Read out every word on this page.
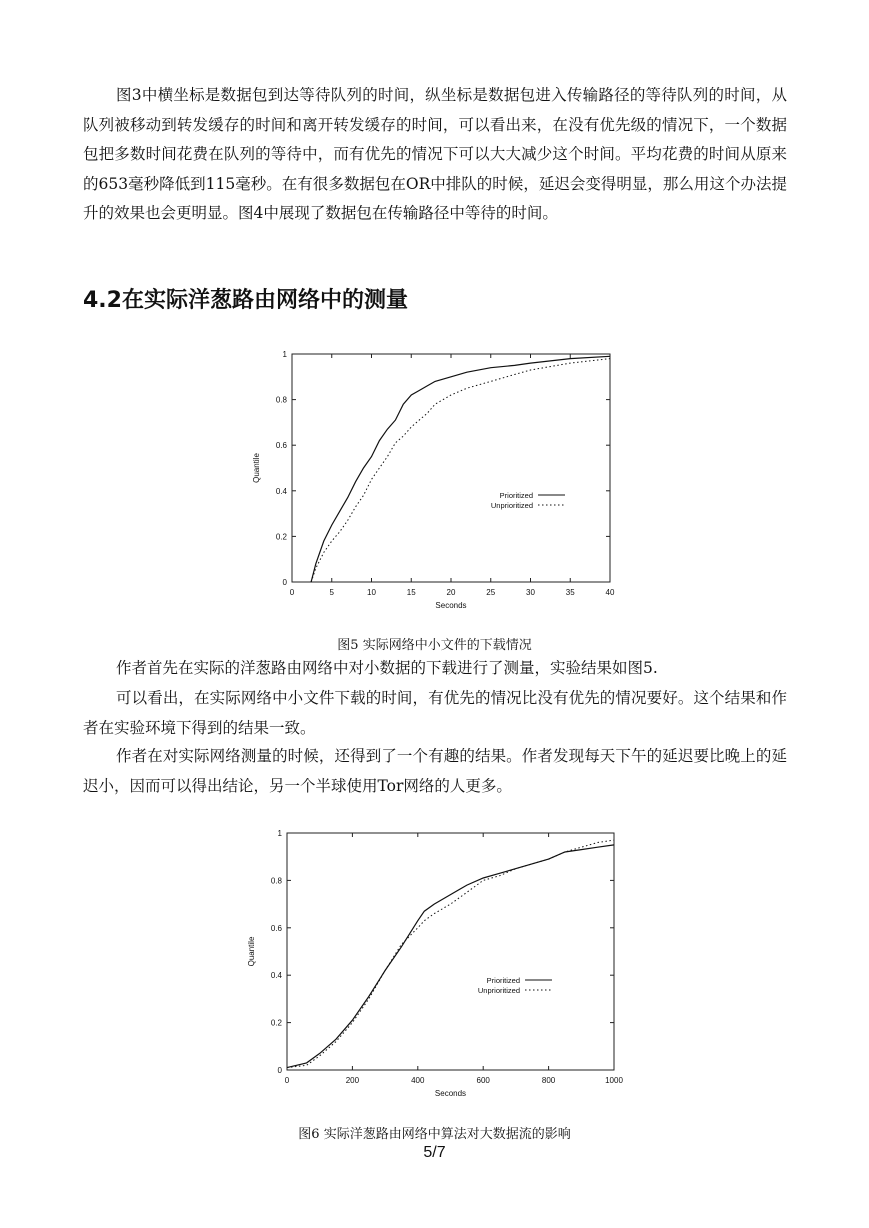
图3中横坐标是数据包到达等待队列的时间，纵坐标是数据包进入传输路径的等待队列的时间，从队列被移动到转发缓存的时间和离开转发缓存的时间，可以看出来，在没有优先级的情况下，一个数据包把多数时间花费在队列的等待中，而有优先的情况下可以大大减少这个时间。平均花费的时间从原来的653毫秒降低到115毫秒。在有很多数据包在OR中排队的时候，延迟会变得明显，那么用这个办法提升的效果也会更明显。图4中展现了数据包在传输路径中等待的时间。

4.2在实际洋葱路由网络中的测量
0	5	10	15	20	25	30	35	40
0
0.2
0.4
0.6
0.8
1
Seconds
Quantile
Prioritized
Unprioritized

图5 实际网络中小文件的下载情况

作者首先在实际的洋葱路由网络中对小数据的下载进行了测量，实验结果如图5.

可以看出，在实际网络中小文件下载的时间，有优先的情况比没有优先的情况要好。这个结果和作者在实验环境下得到的结果一致。

作者在对实际网络测量的时候，还得到了一个有趣的结果。作者发现每天下午的延迟要比晚上的延迟小，因而可以得出结论，另一个半球使用Tor网络的人更多。

0	200	400	600	800	1000
0
0.2
0.4
0.6
0.8
1
Seconds
Quantile
Prioritized
Unprioritized

图6 实际洋葱路由网络中算法对大数据流的影响

5/7
